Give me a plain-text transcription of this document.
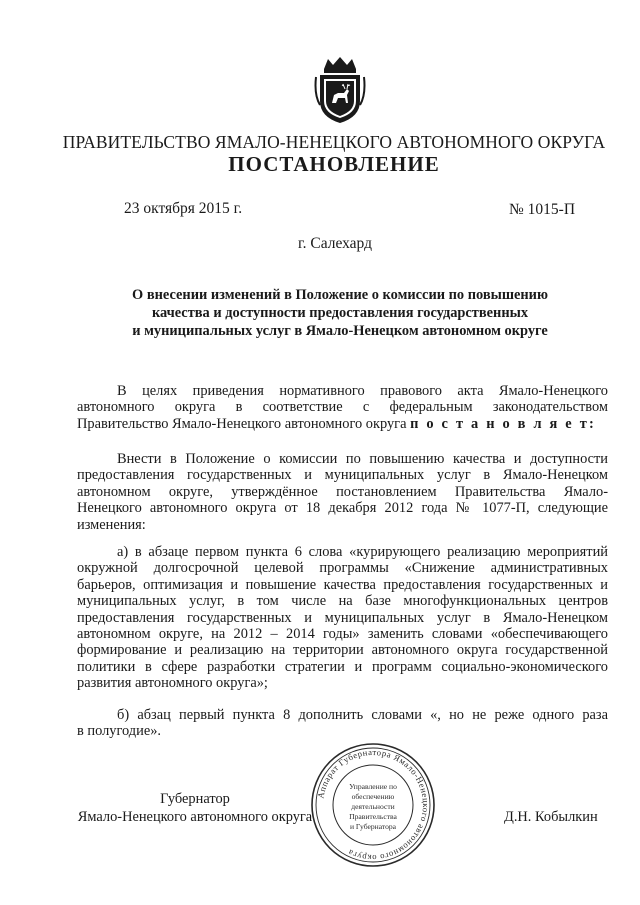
ПРАВИТЕЛЬСТВО ЯМАЛО-НЕНЕЦКОГО АВТОНОМНОГО ОКРУГА
ПОСТАНОВЛЕНИЕ
23 октября 2015 г.	№ 1015-П
г. Салехард
О внесении изменений в Положение о комиссии по повышению
качества и доступности предоставления государственных
и муниципальных услуг в Ямало-Ненецком автономном округе
В целях приведения нормативного правового акта Ямало-Ненецкого
автономного округа в соответствие с федеральным законодательством
Правительство Ямало-Ненецкого автономного округа п о с т а н о в л я е т:
Внести в Положение о комиссии по повышению качества и доступности
предоставления государственных и муниципальных услуг в Ямало-Ненецком
автономном округе, утверждённое постановлением Правительства Ямало-
Ненецкого автономного округа от 18 декабря 2012 года № 1077-П, следующие
изменения:
а) в абзаце первом пункта 6 слова «курирующего реализацию мероприятий
окружной долгосрочной целевой программы «Снижение административных
барьеров, оптимизация и повышение качества предоставления государственных и
муниципальных услуг, в том числе на базе многофункциональных центров
предоставления государственных и муниципальных услуг в Ямало-Ненецком
автономном округе, на 2012 – 2014 годы» заменить словами «обеспечивающего
формирование и реализацию на территории автономного округа государственной
политики в сфере разработки стратегии и программ социально-экономического
развития автономного округа»;
б) абзац первый пункта 8 дополнить словами «, но не реже одного раза
в полугодие».
Аппарат Губернатора Ямало-Ненецкого автономного округа
Управление по
обеспечению
деятельности
Правительства
и Губернатора
Губернатор
Ямало-Ненецкого автономного округа	Д.Н. Кобылкин
